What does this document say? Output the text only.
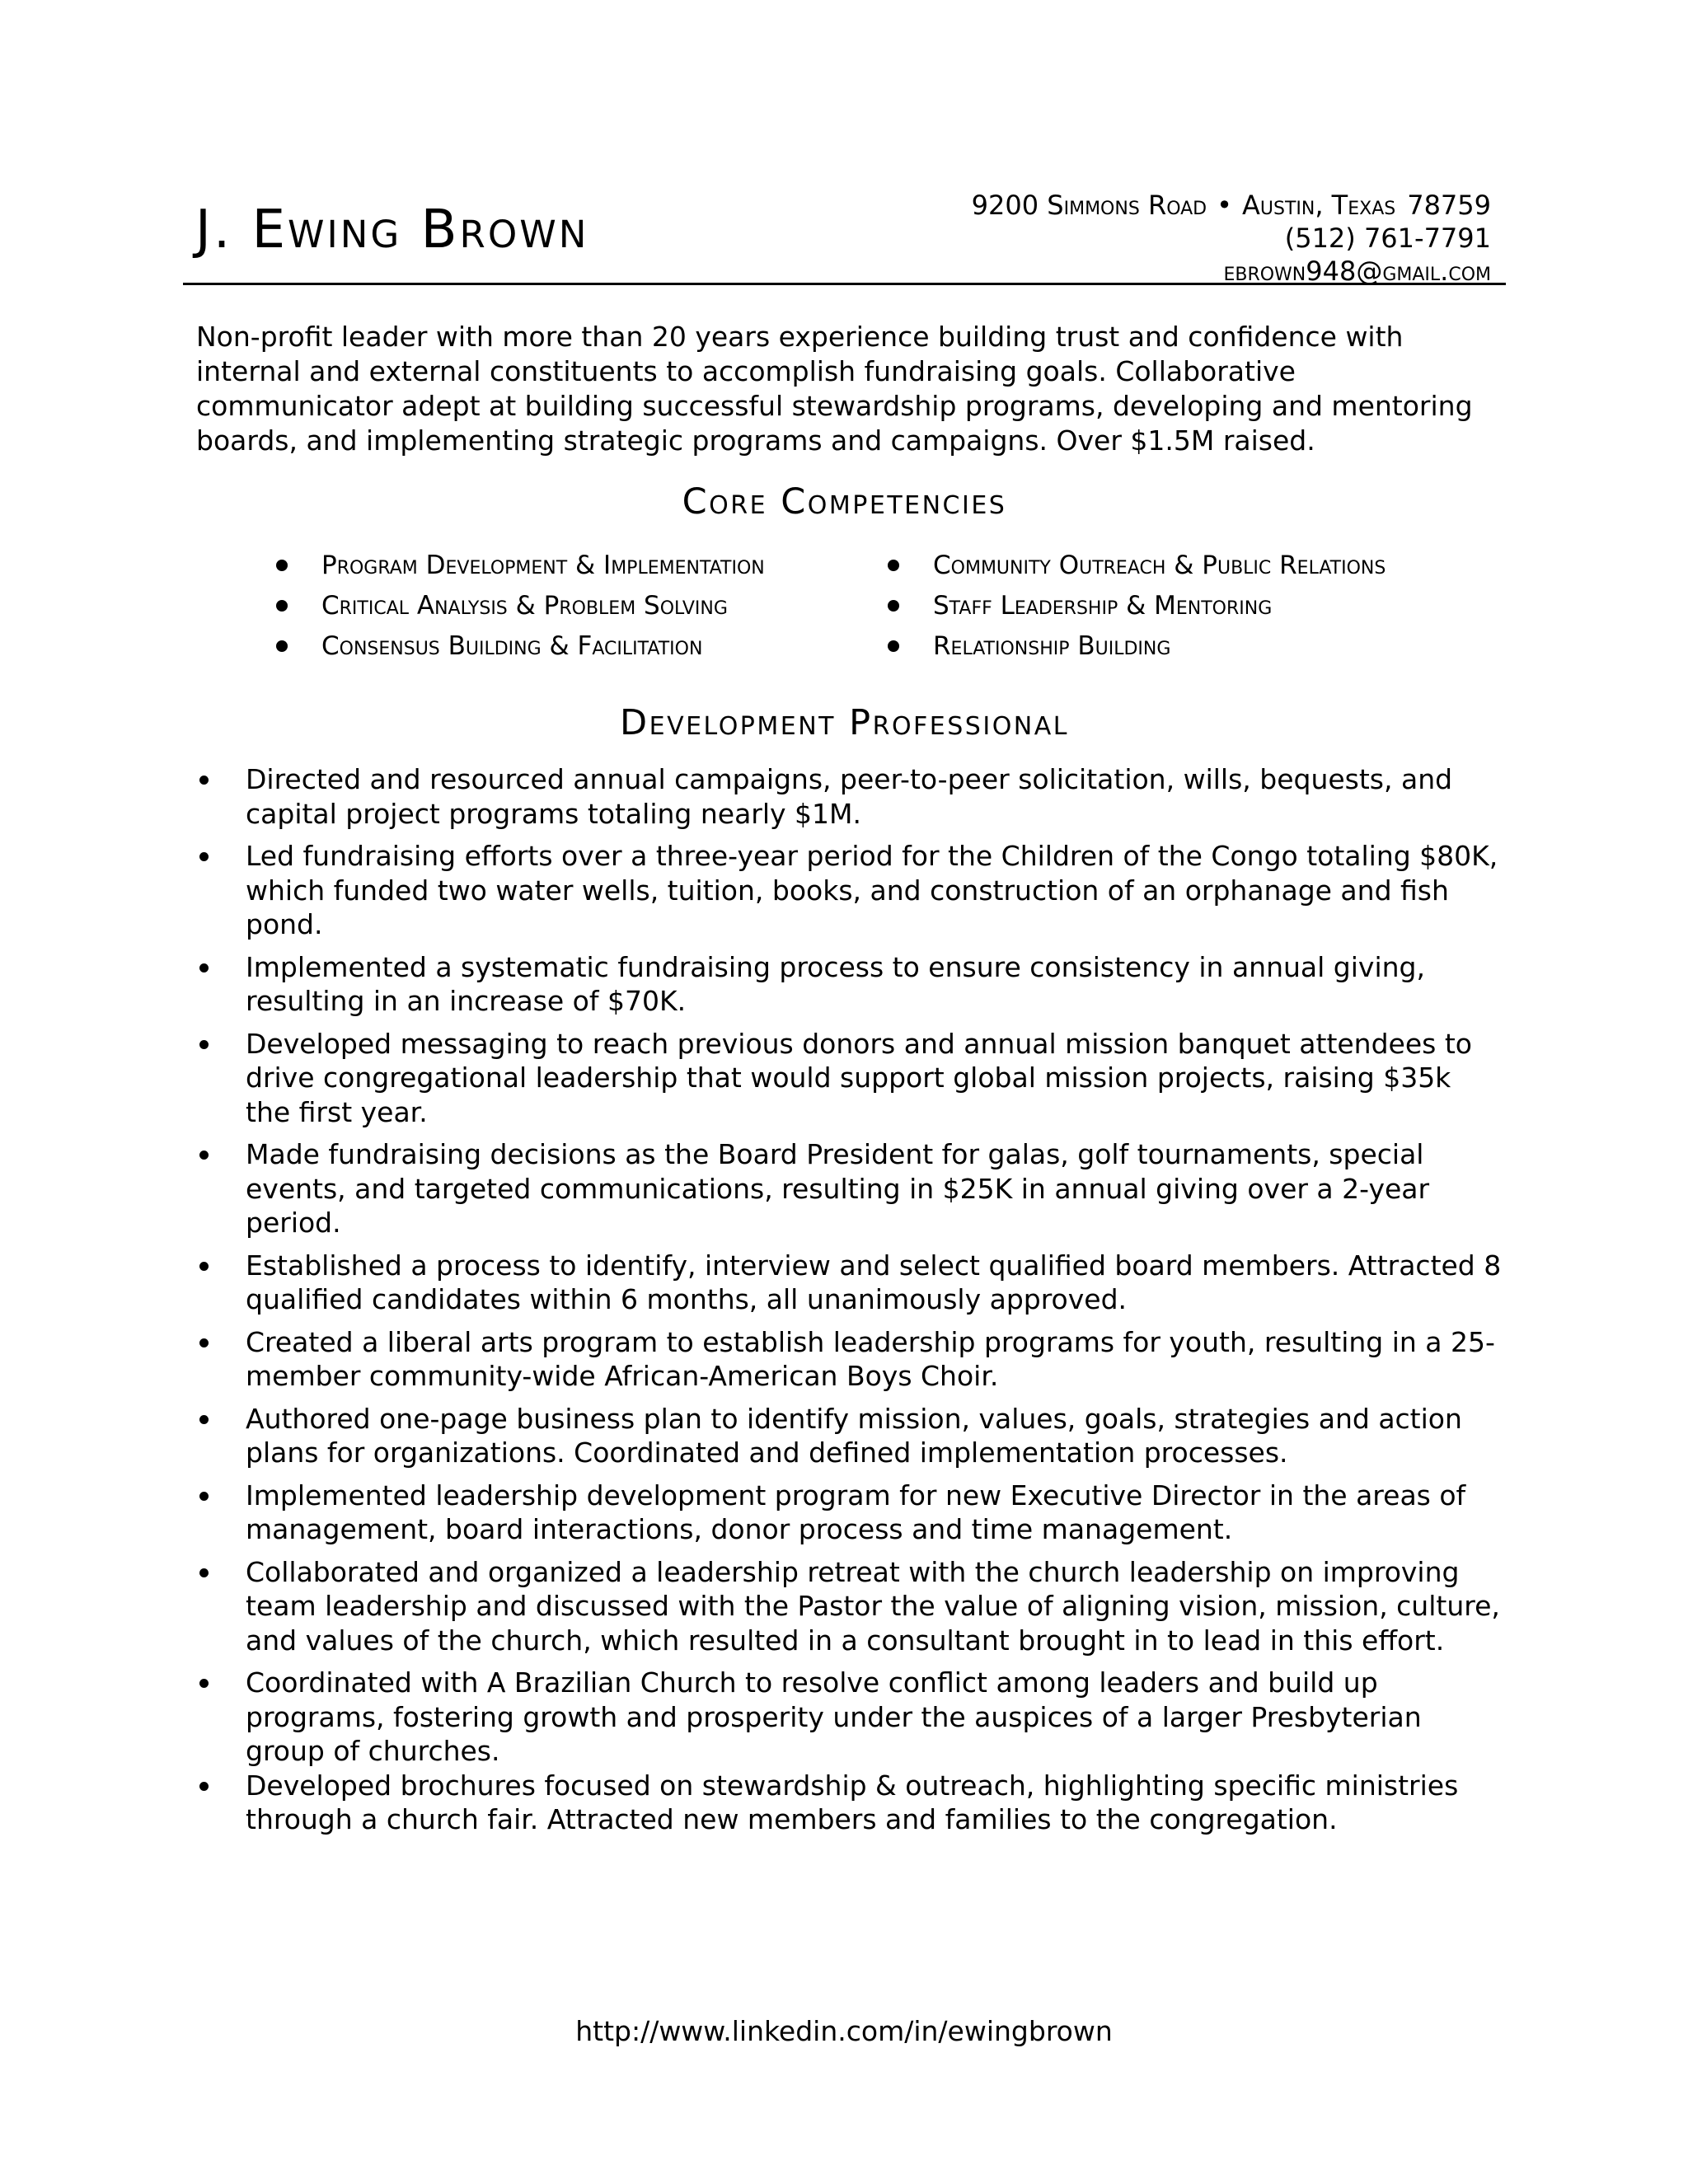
J. Ewing Brown	9200 Simmons Road • Austin, Texas 78759
(512) 761-7791
ebrown948@gmail.com

Non-profit leader with more than 20 years experience building trust and confidence with internal and external constituents to accomplish fundraising goals. Collaborative communicator adept at building successful stewardship programs, developing and mentoring boards, and implementing strategic programs and campaigns. Over $1.5M raised.

Core Competencies
Program Development & Implementation	Community Outreach & Public Relations
Critical Analysis & Problem Solving	Staff Leadership & Mentoring
Consensus Building & Facilitation	Relationship Building
Development Professional
Directed and resourced annual campaigns, peer-to-peer solicitation, wills, bequests, and capital project programs totaling nearly $1M.
Led fundraising efforts over a three-year period for the Children of the Congo totaling $80K, which funded two water wells, tuition, books, and construction of an orphanage and fish pond.
Implemented a systematic fundraising process to ensure consistency in annual giving, resulting in an increase of $70K.
Developed messaging to reach previous donors and annual mission banquet attendees to drive congregational leadership that would support global mission projects, raising $35k the first year.
Made fundraising decisions as the Board President for galas, golf tournaments, special events, and targeted communications, resulting in $25K in annual giving over a 2-year period.
Established a process to identify, interview and select qualified board members. Attracted 8 qualified candidates within 6 months, all unanimously approved.
Created a liberal arts program to establish leadership programs for youth, resulting in a 25-member community-wide African-American Boys Choir.
Authored one-page business plan to identify mission, values, goals, strategies and action plans for organizations. Coordinated and defined implementation processes.
Implemented leadership development program for new Executive Director in the areas of management, board interactions, donor process and time management.
Collaborated and organized a leadership retreat with the church leadership on improving team leadership and discussed with the Pastor the value of aligning vision, mission, culture, and values of the church, which resulted in a consultant brought in to lead in this effort.
Coordinated with A Brazilian Church to resolve conflict among leaders and build up programs, fostering growth and prosperity under the auspices of a larger Presbyterian group of churches.
Developed brochures focused on stewardship & outreach, highlighting specific ministries through a church fair. Attracted new members and families to the congregation.
http://www.linkedin.com/in/ewingbrown
